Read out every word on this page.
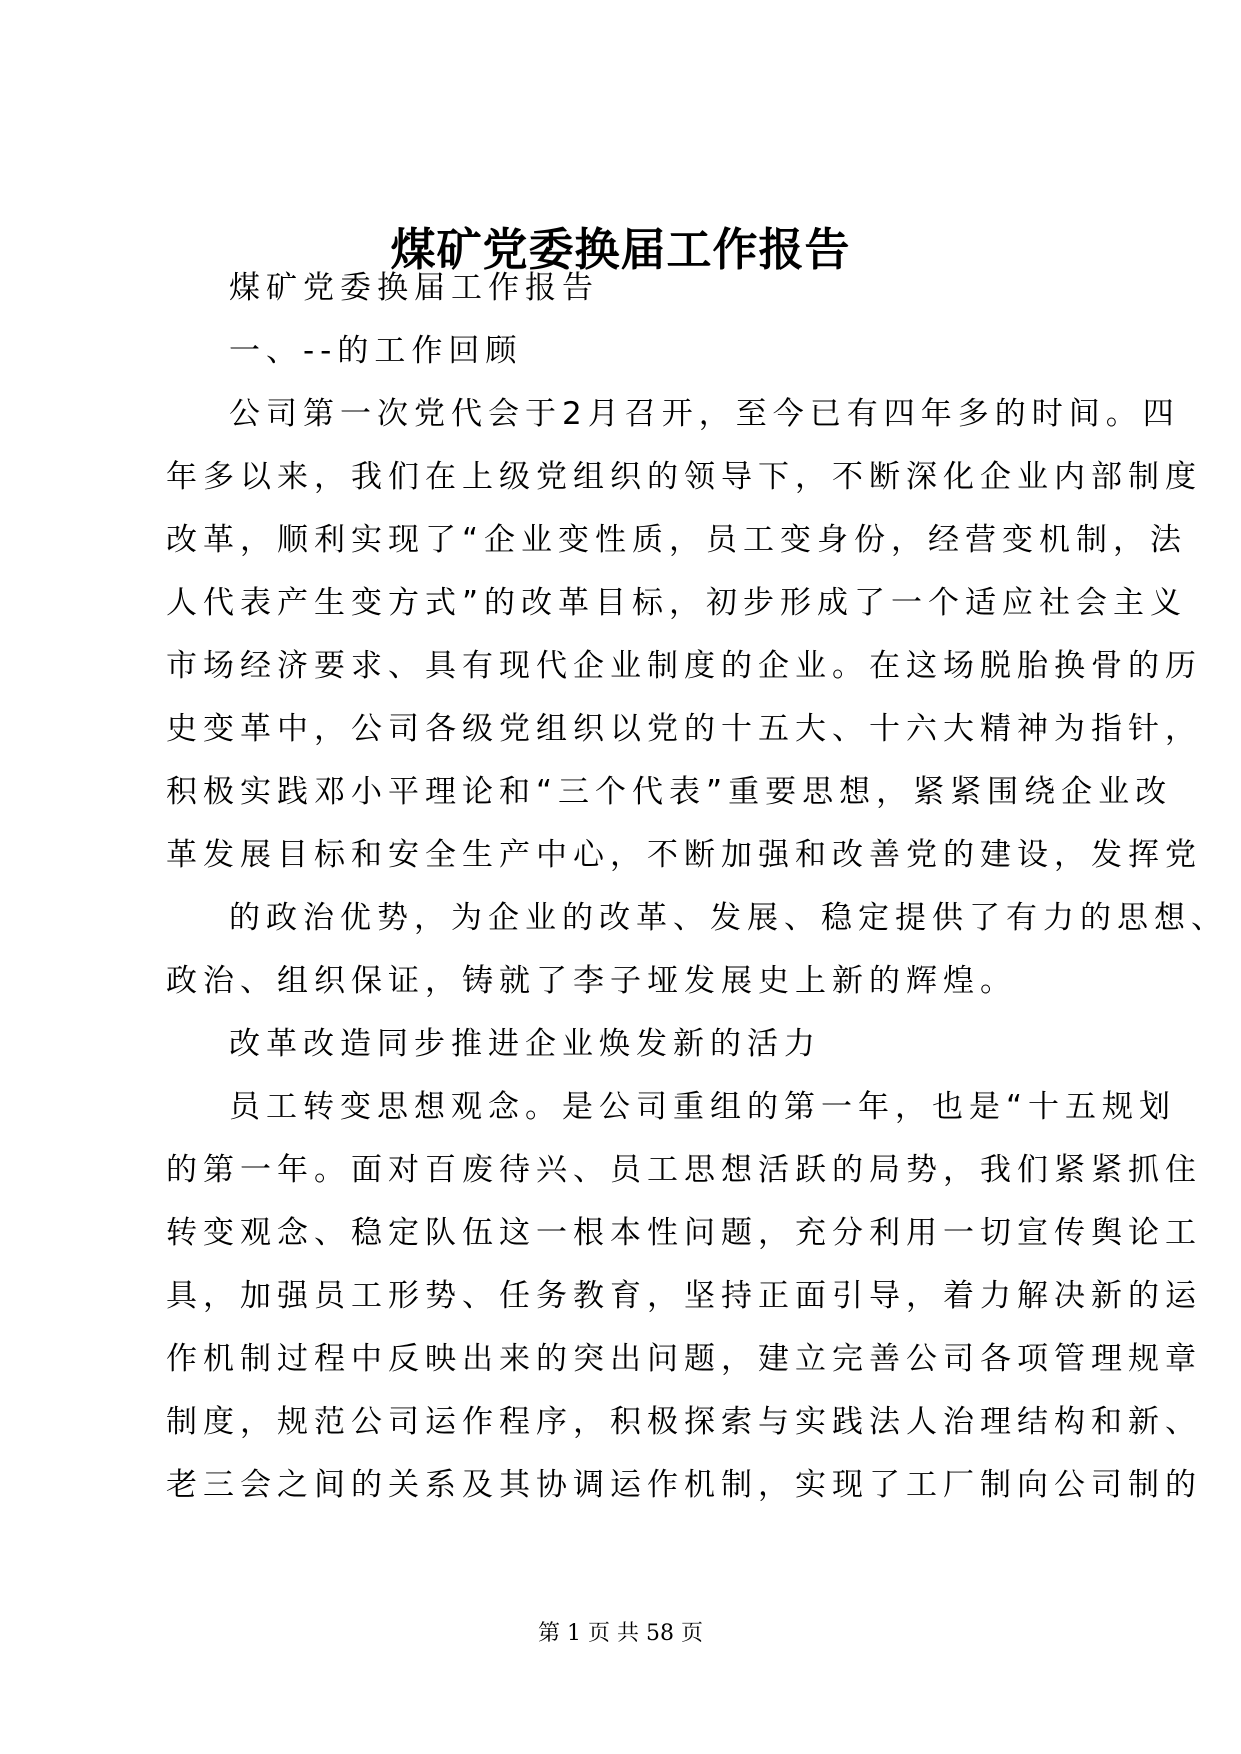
煤矿党委换届工作报告
煤矿党委换届工作报告
一、--的工作回顾
公司第一次党代会于2月召开，至今已有四年多的时间。四
年多以来，我们在上级党组织的领导下，不断深化企业内部制度
改革，顺利实现了“企业变性质，员工变身份，经营变机制，法
人代表产生变方式”的改革目标，初步形成了一个适应社会主义
市场经济要求、具有现代企业制度的企业。在这场脱胎换骨的历
史变革中，公司各级党组织以党的十五大、十六大精神为指针，
积极实践邓小平理论和“三个代表”重要思想，紧紧围绕企业改
革发展目标和安全生产中心，不断加强和改善党的建设，发挥党
的政治优势，为企业的改革、发展、稳定提供了有力的思想、
政治、组织保证，铸就了李子垭发展史上新的辉煌。
改革改造同步推进企业焕发新的活力
员工转变思想观念。是公司重组的第一年，也是“十五规划
的第一年。面对百废待兴、员工思想活跃的局势，我们紧紧抓住
转变观念、稳定队伍这一根本性问题，充分利用一切宣传舆论工
具，加强员工形势、任务教育，坚持正面引导，着力解决新的运
作机制过程中反映出来的突出问题，建立完善公司各项管理规章
制度，规范公司运作程序，积极探索与实践法人治理结构和新、
老三会之间的关系及其协调运作机制，实现了工厂制向公司制的
第 1 页 共 58 页
